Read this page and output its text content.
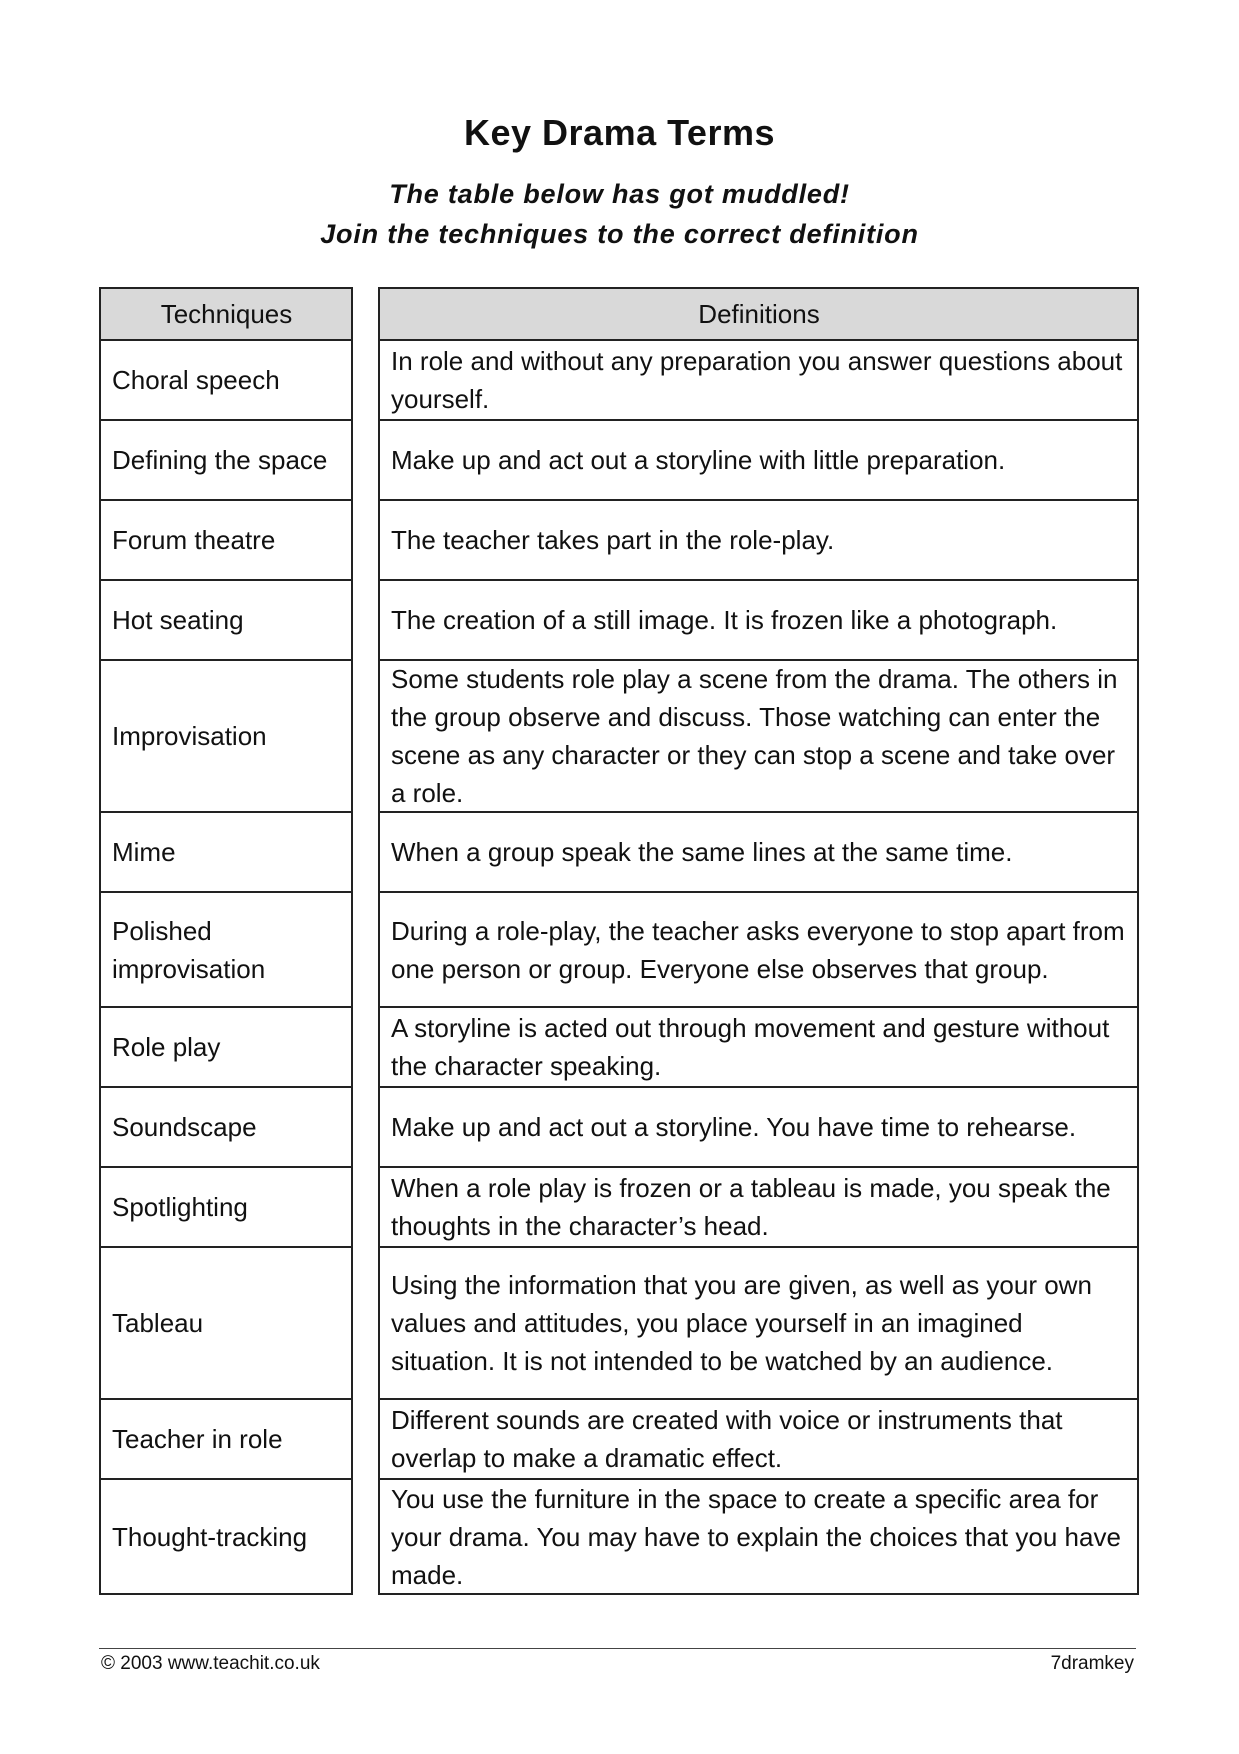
Key Drama Terms
The table below has got muddled!
Join the techniques to the correct definition
Techniques
Choral speech
Defining the space
Forum theatre
Hot seating
Improvisation
Mime
Polished improvisation
Role play
Soundscape
Spotlighting
Tableau
Teacher in role
Thought-tracking
Definitions
In role and without any preparation you answer questions about yourself.
Make up and act out a storyline with little preparation.
The teacher takes part in the role-play.
The creation of a still image. It is frozen like a photograph.
Some students role play a scene from the drama. The others in the group observe and discuss. Those watching can enter the scene as any character or they can stop a scene and take over a role.
When a group speak the same lines at the same time.
During a role-play, the teacher asks everyone to stop apart from one person or group. Everyone else observes that group.
A storyline is acted out through movement and gesture without the character speaking.
Make up and act out a storyline. You have time to rehearse.
When a role play is frozen or a tableau is made, you speak the thoughts in the character’s head.
Using the information that you are given, as well as your own values and attitudes, you place yourself in an imagined situation. It is not intended to be watched by an audience.
Different sounds are created with voice or instruments that overlap to make a dramatic effect.
You use the furniture in the space to create a specific area for your drama. You may have to explain the choices that you have made.
© 2003 www.teachit.co.uk	7dramkey
